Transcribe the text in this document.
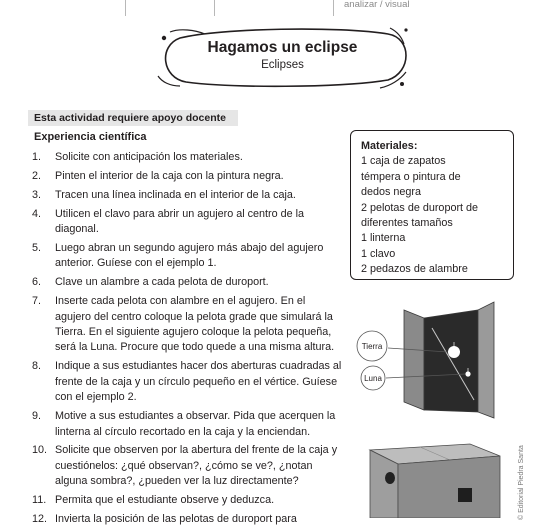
analizar / visual
Hagamos un eclipse
Eclipses
Esta actividad requiere apoyo docente
Experiencia científica
1.	Solicite con anticipación los materiales.
2.	Pinten el interior de la caja con la pintura negra.
3.	Tracen una línea inclinada en el interior de la caja.
4.	Utilicen el clavo para abrir un agujero al centro de la diagonal.
5.	Luego abran un segundo agujero más abajo del agujero anterior. Guíese con el ejemplo 1.
6.	Clave un alambre a cada pelota de duroport.
7.	Inserte cada pelota con alambre en el agujero. En el agujero del centro coloque la pelota grade que simulará la Tierra. En el siguiente agujero coloque la pelota pequeña, será la Luna. Procure que todo quede a una misma altura.
8.	Indique a sus estudiantes hacer dos aberturas cuadradas al frente de la caja y un círculo pequeño en el vértice. Guíese con el ejemplo 2.
9.	Motive a sus estudiantes a observar. Pida que acerquen la linterna al círculo recortado en la caja y la enciendan.
10. Solicite que observen por la abertura del frente de la caja y cuestiónelos: ¿qué observan?, ¿cómo se ve?, ¿notan alguna sombra?, ¿pueden ver la luz directamente?
11. Permita que el estudiante observe y deduzca.
12. Invierta la posición de las pelotas de duroport para
Materiales:
1 caja de zapatos
témpera o pintura de
dedos negra
2 pelotas de duroport de
diferentes tamaños
1 linterna
1 clavo
2 pedazos de alambre
Tierra
Luna
© Editorial Piedra Santa
